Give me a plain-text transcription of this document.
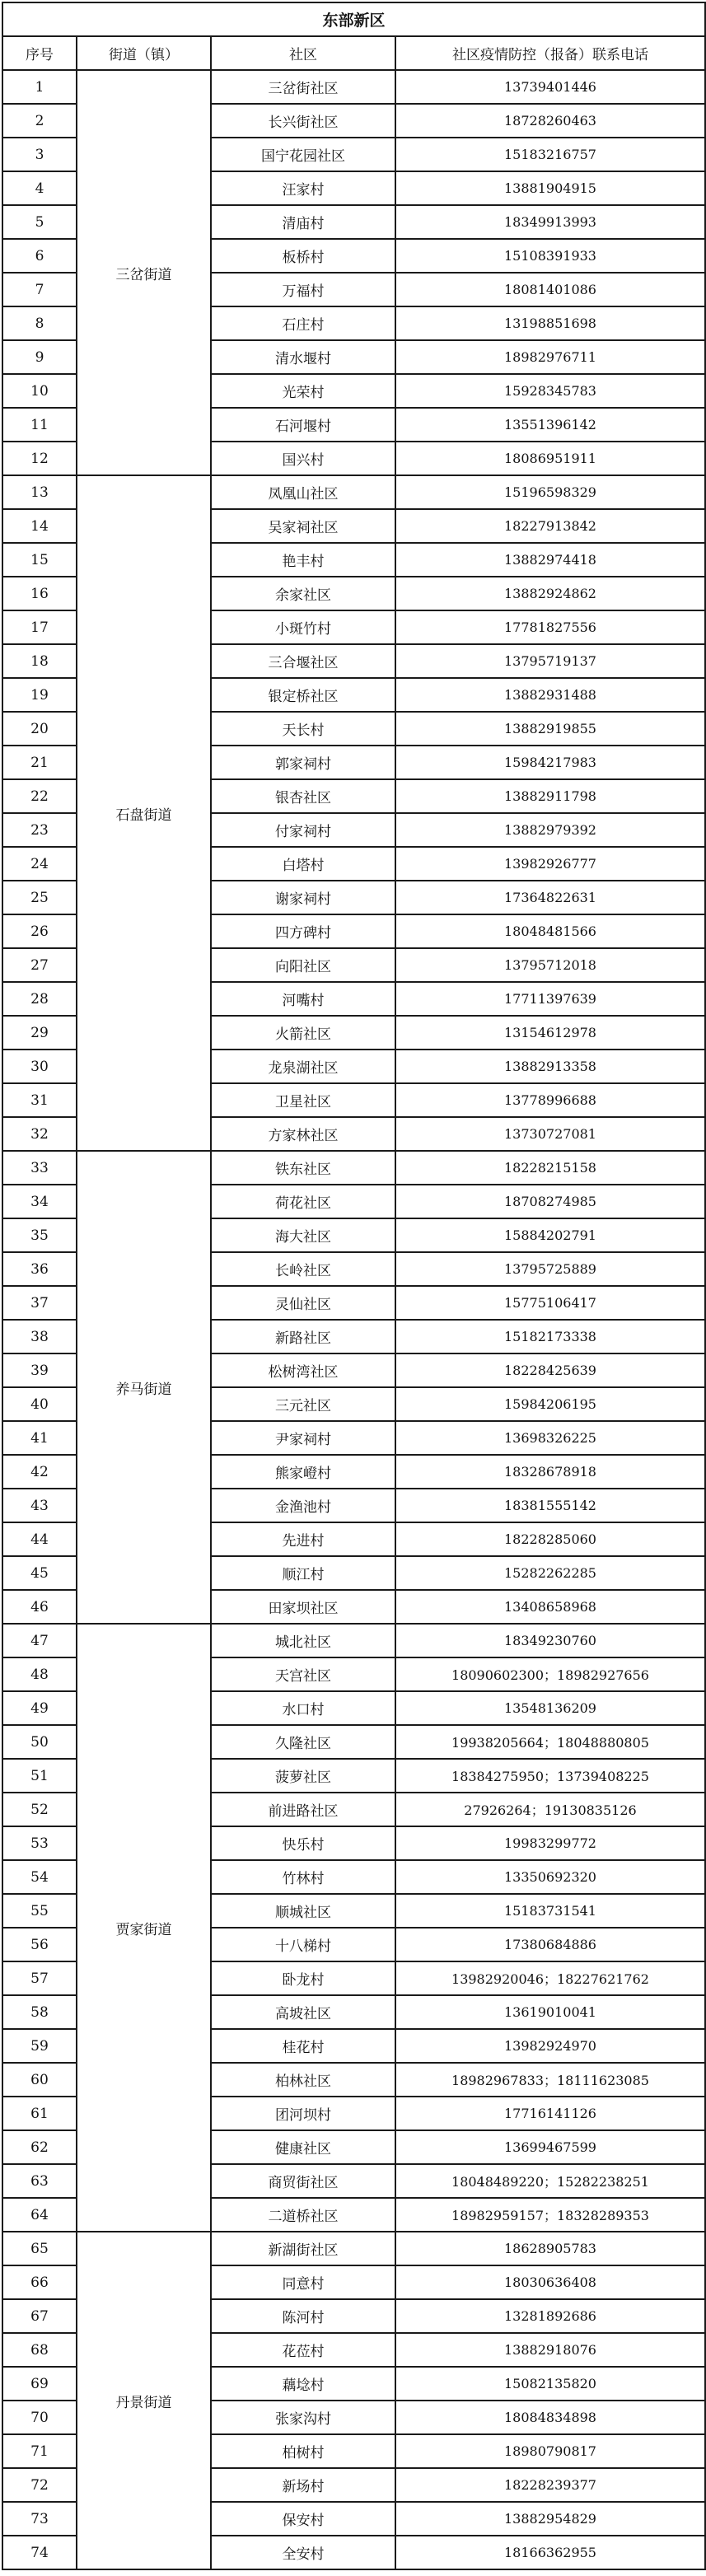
东部新区			
序号	街道（镇）	社区	社区疫情防控（报备）联系电话
1	三岔街道	三岔街社区	13739401446
2		长兴街社区	18728260463
3		国宁花园社区	15183216757
4		汪家村	13881904915
5		清庙村	18349913993
6		板桥村	15108391933
7		万福村	18081401086
8		石庄村	13198851698
9		清水堰村	18982976711
10		光荣村	15928345783
11		石河堰村	13551396142
12		国兴村	18086951911
13	石盘街道	凤凰山社区	15196598329
14		吴家祠社区	18227913842
15		艳丰村	13882974418
16		余家社区	13882924862
17		小斑竹村	17781827556
18		三合堰社区	13795719137
19		银定桥社区	13882931488
20		天长村	13882919855
21		郭家祠村	15984217983
22		银杏社区	13882911798
23		付家祠村	13882979392
24		白塔村	13982926777
25		谢家祠村	17364822631
26		四方碑村	18048481566
27		向阳社区	13795712018
28		河嘴村	17711397639
29		火箭社区	13154612978
30		龙泉湖社区	13882913358
31		卫星社区	13778996688
32		方家林社区	13730727081
33	养马街道	铁东社区	18228215158
34		荷花社区	18708274985
35		海大社区	15884202791
36		长岭社区	13795725889
37		灵仙社区	15775106417
38		新路社区	15182173338
39		松树湾社区	18228425639
40		三元社区	15984206195
41		尹家祠村	13698326225
42		熊家嶝村	18328678918
43		金渔池村	18381555142
44		先进村	18228285060
45		顺江村	15282262285
46		田家坝社区	13408658968
47	贾家街道	城北社区	18349230760
48		天宫社区	18090602300；18982927656
49		水口村	13548136209
50		久隆社区	19938205664；18048880805
51		菠萝社区	18384275950；13739408225
52		前进路社区	27926264；19130835126
53		快乐村	19983299772
54		竹林村	13350692320
55		顺城社区	15183731541
56		十八梯村	17380684886
57		卧龙村	13982920046；18227621762
58		高坡社区	13619010041
59		桂花村	13982924970
60		柏林社区	18982967833；18111623085
61		团河坝村	17716141126
62		健康社区	13699467599
63		商贸街社区	18048489220；15282238251
64		二道桥社区	18982959157；18328289353
65	丹景街道	新湖街社区	18628905783
66		同意村	18030636408
67		陈河村	13281892686
68		花莅村	13882918076
69		藕埝村	15082135820
70		张家沟村	18084834898
71		柏树村	18980790817
72		新场村	18228239377
73		保安村	13882954829
74		全安村	18166362955
